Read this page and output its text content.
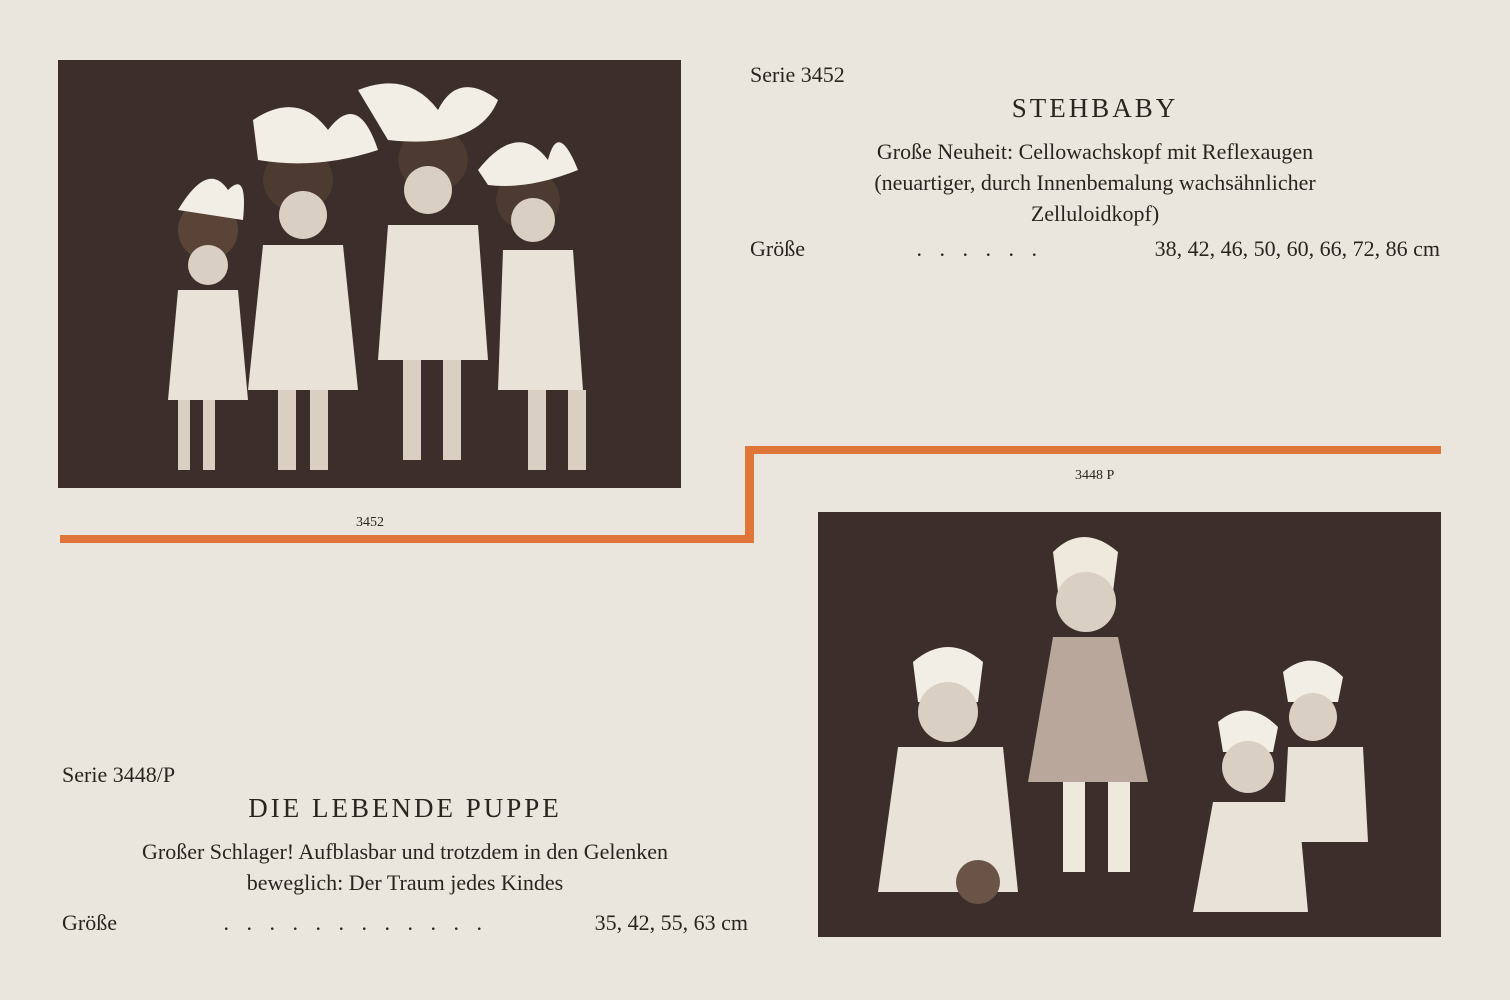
3452
Serie 3452
STEHBABY
Große Neuheit: Cellowachskopf mit Reflexaugen
(neuartiger, durch Innenbemalung wachsähnlicher
Zelluloidkopf)
Größe	. . . . . .	38, 42, 46, 50, 60, 66, 72, 86 cm
3448 P
Serie 3448/P
DIE LEBENDE PUPPE
Großer Schlager! Aufblasbar und trotzdem in den Gelenken
beweglich: Der Traum jedes Kindes
Größe	. . . . . . . . . . . .	35, 42, 55, 63 cm
